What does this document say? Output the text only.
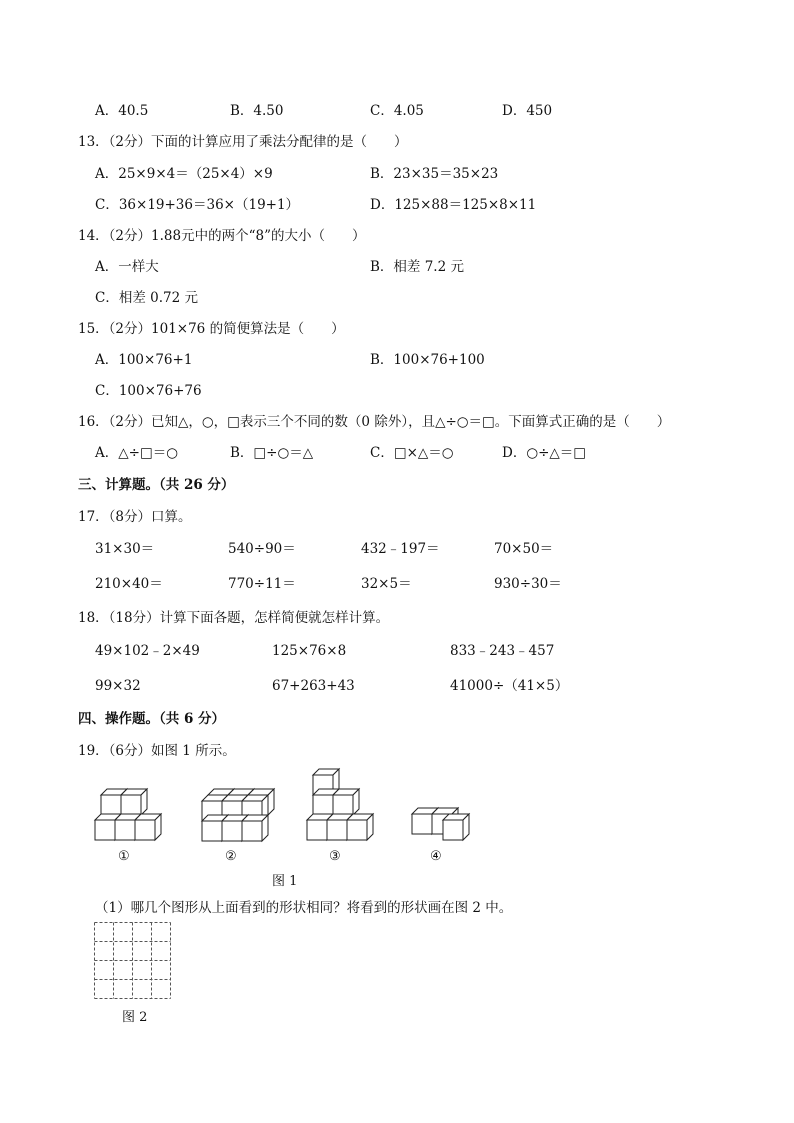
A．40.5	B．4.50	C．4.05	D．450
13．（2分）下面的计算应用了乘法分配律的是（　　）
A．25×9×4＝（25×4）×9	B．23×35＝35×23
C．36×19+36＝36×（19+1）	D．125×88＝125×8×11
14．（2分）1.88元中的两个“8”的大小（　　）
A．一样大	B．相差 7.2 元
C．相差 0.72 元
15．（2分）101×76 的简便算法是（　　）
A．100×76+1	B．100×76+100
C．100×76+76
16．（2分）已知△，○，□表示三个不同的数（0 除外），且△÷○＝□。下面算式正确的是（　　）
A．△÷□＝○	B．□÷○＝△	C．□×△＝○	D．○÷△＝□
三、计算题。（共 26 分）
17．（8分）口算。
31×30＝	540÷90＝	432﹣197＝	70×50＝
210×40＝	770÷11＝	32×5＝	930÷30＝
18．（18分）计算下面各题，怎样简便就怎样计算。
49×102﹣2×49	125×76×8	833﹣243﹣457
99×32	67+263+43	41000÷（41×5）
四、操作题。（共 6 分）
19．（6分）如图 1 所示。
①	②	③	④
图 1
（1）哪几个图形从上面看到的形状相同？将看到的形状画在图 2 中。
图 2
